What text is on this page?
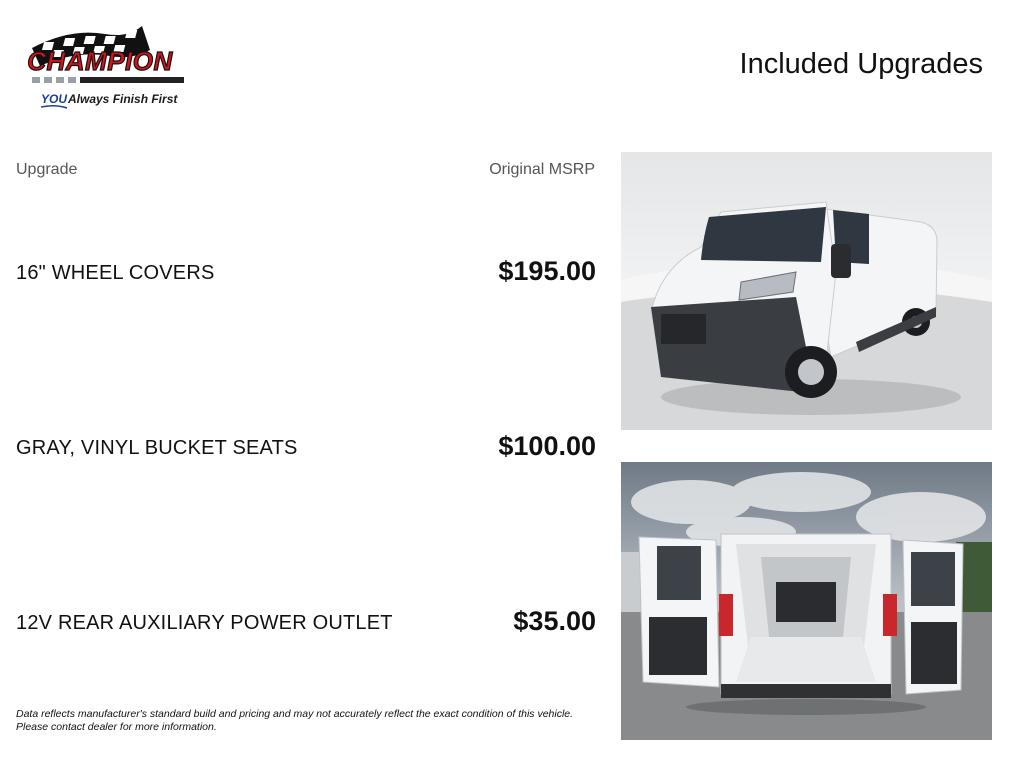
CHAMPION
YOU Always Finish First
Included Upgrades
Upgrade	Original MSRP
16" WHEEL COVERS	$195.00
GRAY, VINYL BUCKET SEATS	$100.00
12V REAR AUXILIARY POWER OUTLET	$35.00
Data reflects manufacturer's standard build and pricing and may not accurately reflect the exact condition of this vehicle.
Please contact dealer for more information.
